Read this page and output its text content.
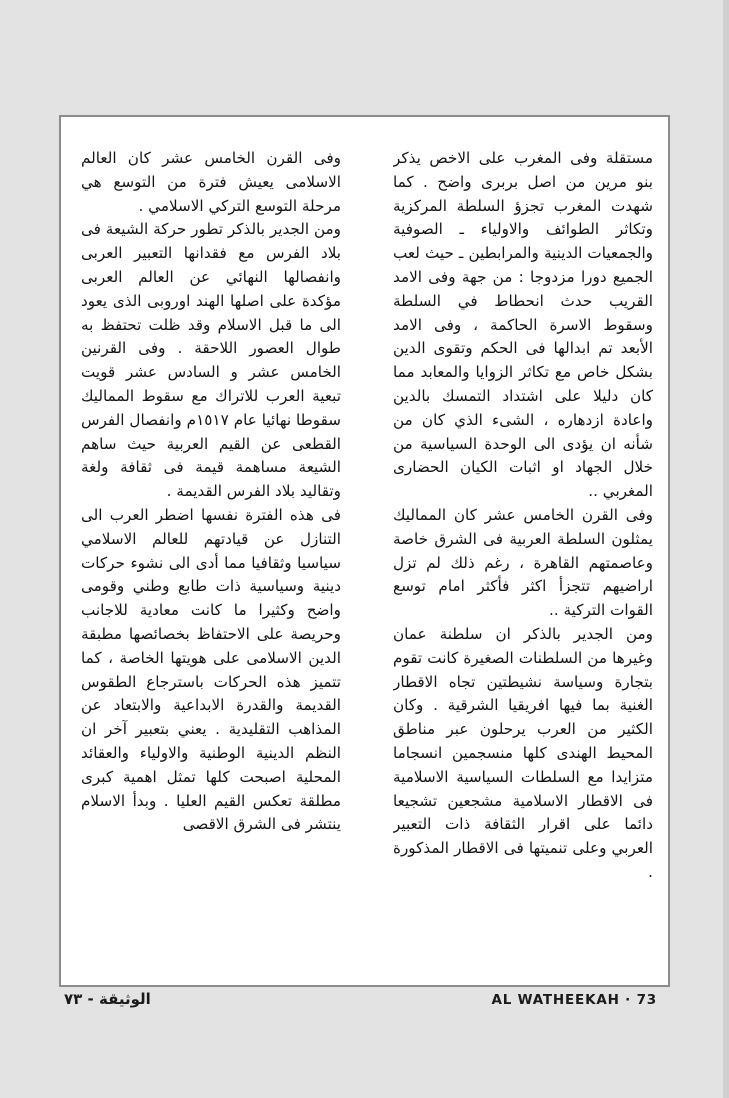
مستقلة وفى المغرب على الاخص يذكر بنو مرين من اصل بربرى واضح . كما شهدت المغرب تجزؤ السلطة المركزية وتكاثر الطوائف والاولياء ـ الصوفية والجمعيات الدينية والمرابطين ـ حيث لعب الجميع دورا مزدوجا : من جهة وفى الامد القريب حدث انحطاط في السلطة وسقوط الاسرة الحاكمة ، وفى الامد الأبعد تم ابدالها فى الحكم وتقوى الدين بشكل خاص مع تكاثر الزوايا والمعابد مما كان دليلا على اشتداد التمسك بالدين واعادة ازدهاره ، الشىء الذي كان من شأنه ان يؤدى الى الوحدة السياسية من خلال الجهاد او اثبات الكيان الحضارى المغربي ..

وفى القرن الخامس عشر كان المماليك يمثلون السلطة العربية فى الشرق خاصة وعاصمتهم القاهرة ، رغم ذلك لم تزل اراضيهم تتجزأ اكثر فأكثر امام توسع القوات التركية ..

ومن الجدير بالذكر ان سلطنة عمان وغيرها من السلطنات الصغيرة كانت تقوم بتجارة وسياسة نشيطتين تجاه الاقطار الغنية بما فيها افريقيا الشرقية . وكان الكثير من العرب يرحلون عبر مناطق المحيط الهندى كلها منسجمين انسجاما متزايدا مع السلطات السياسية الاسلامية فى الاقطار الاسلامية مشجعين تشجيعا دائما على اقرار الثقافة ذات التعبير العربي وعلى تنميتها فى الاقطار المذكورة .

وفى القرن الخامس عشر كان العالم الاسلامى يعيش فترة من التوسع هي مرحلة التوسع التركي الاسلامي .

ومن الجدير بالذكر تطور حركة الشيعة فى بلاد الفرس مع فقدانها التعبير العربى وانفصالها النهائي عن العالم العربى مؤكدة على اصلها الهند اوروبى الذى يعود الى ما قبل الاسلام وقد ظلت تحتفظ به طوال العصور اللاحقة . وفى القرنين الخامس عشر و السادس عشر قويت تبعية العرب للاتراك مع سقوط المماليك سقوطا نهائيا عام ١٥١٧م وانفصال الفرس القطعى عن القيم العربية حيث ساهم الشيعة مساهمة قيمة فى ثقافة ولغة وتقاليد بلاد الفرس القديمة .

فى هذه الفترة نفسها اضطر العرب الى التنازل عن قيادتهم للعالم الاسلامي سياسيا وثقافيا مما أدى الى نشوء حركات دينية وسياسية ذات طابع وطني وقومى واضح وكثيرا ما كانت معادية للاجانب وحريصة على الاحتفاظ بخصائصها مطبقة الدين الاسلامى على هويتها الخاصة ، كما تتميز هذه الحركات باسترجاع الطقوس القديمة والقدرة الابداعية والابتعاد عن المذاهب التقليدية . يعني بتعبير آخر ان النظم الدينية الوطنية والاولياء والعقائد المحلية اصبحت كلها تمثل اهمية كبرى مطلقة تعكس القيم العليا . وبدأ الاسلام ينتشر فى الشرق الاقصى

الوثيقة - ٧٣	AL WATHEEKAH · 73
